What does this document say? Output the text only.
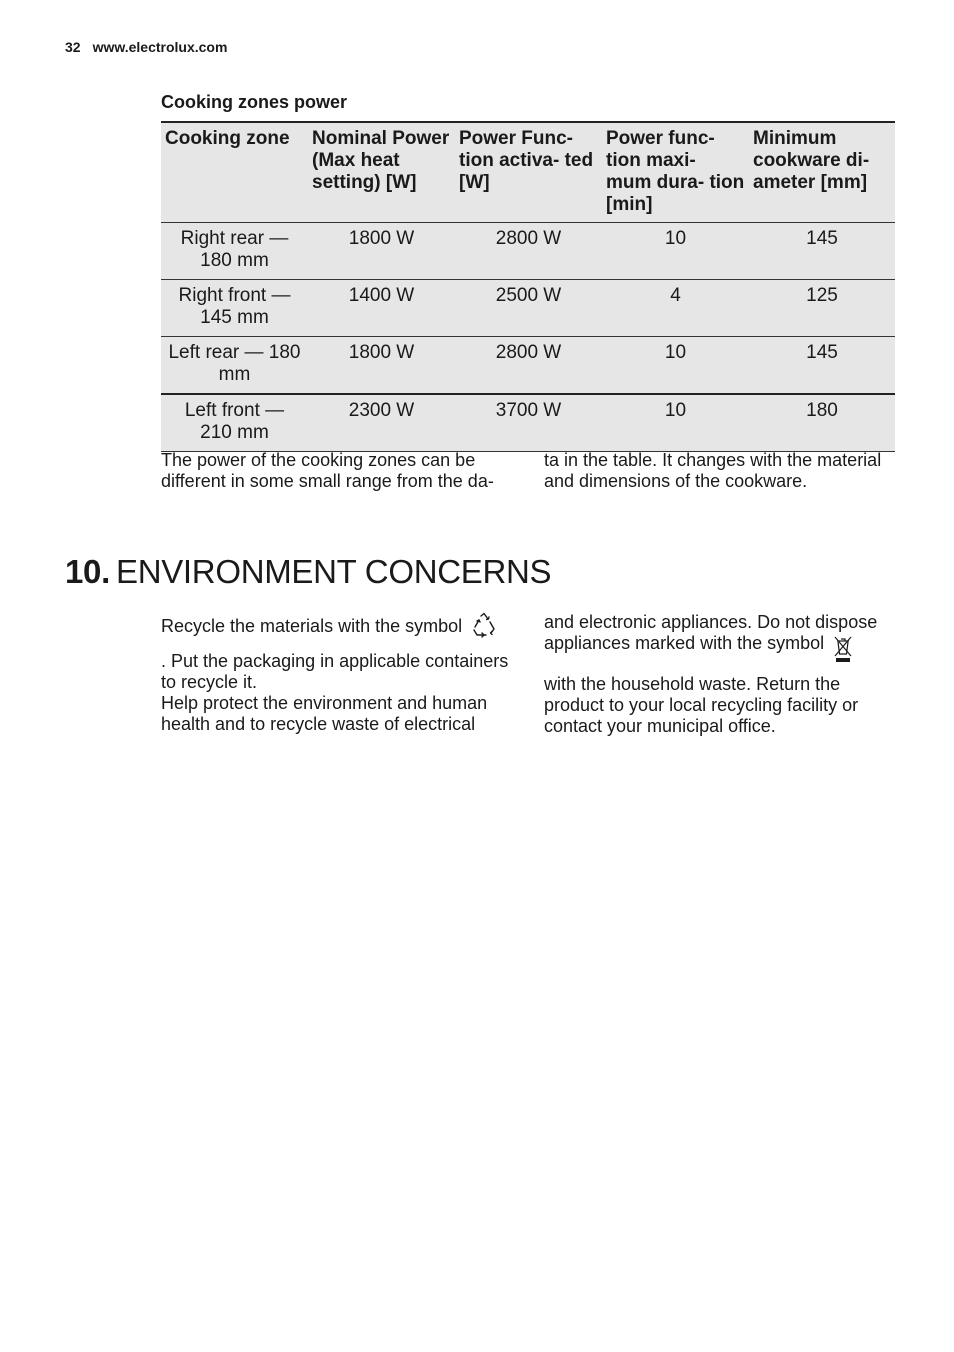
32 www.electrolux.com
Cooking zones power
Cooking zone	Nominal Power (Max heat setting) [W]	Power Func- tion activa- ted [W]	Power func- tion maxi- mum dura- tion [min]	Minimum cookware di- ameter [mm]
Right rear — 180 mm	1800 W	2800 W	10	145
Right front — 145 mm	1400 W	2500 W	4	125
Left rear — 180 mm	1800 W	2800 W	10	145
Left front — 210 mm	2300 W	3700 W	10	180
The power of the cooking zones can be different in some small range from the da-
ta in the table. It changes with the material and dimensions of the cookware.
10. ENVIRONMENT CONCERNS

Recycle the materials with the symbol

. Put the packaging in applicable containers to recycle it.

Help protect the environment and human health and to recycle waste of electrical

and electronic appliances. Do not dispose appliances marked with the symbol

with the household waste. Return the product to your local recycling facility or contact your municipal office.
